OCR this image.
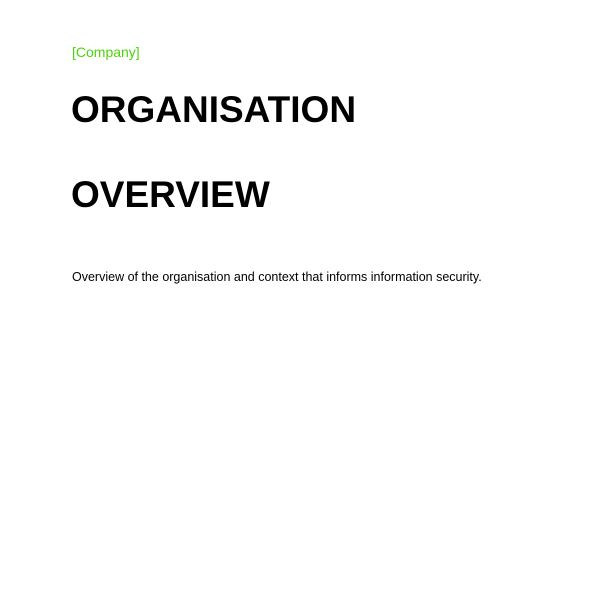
[Company]
ORGANISATION
OVERVIEW
Overview of the organisation and context that informs information security.
